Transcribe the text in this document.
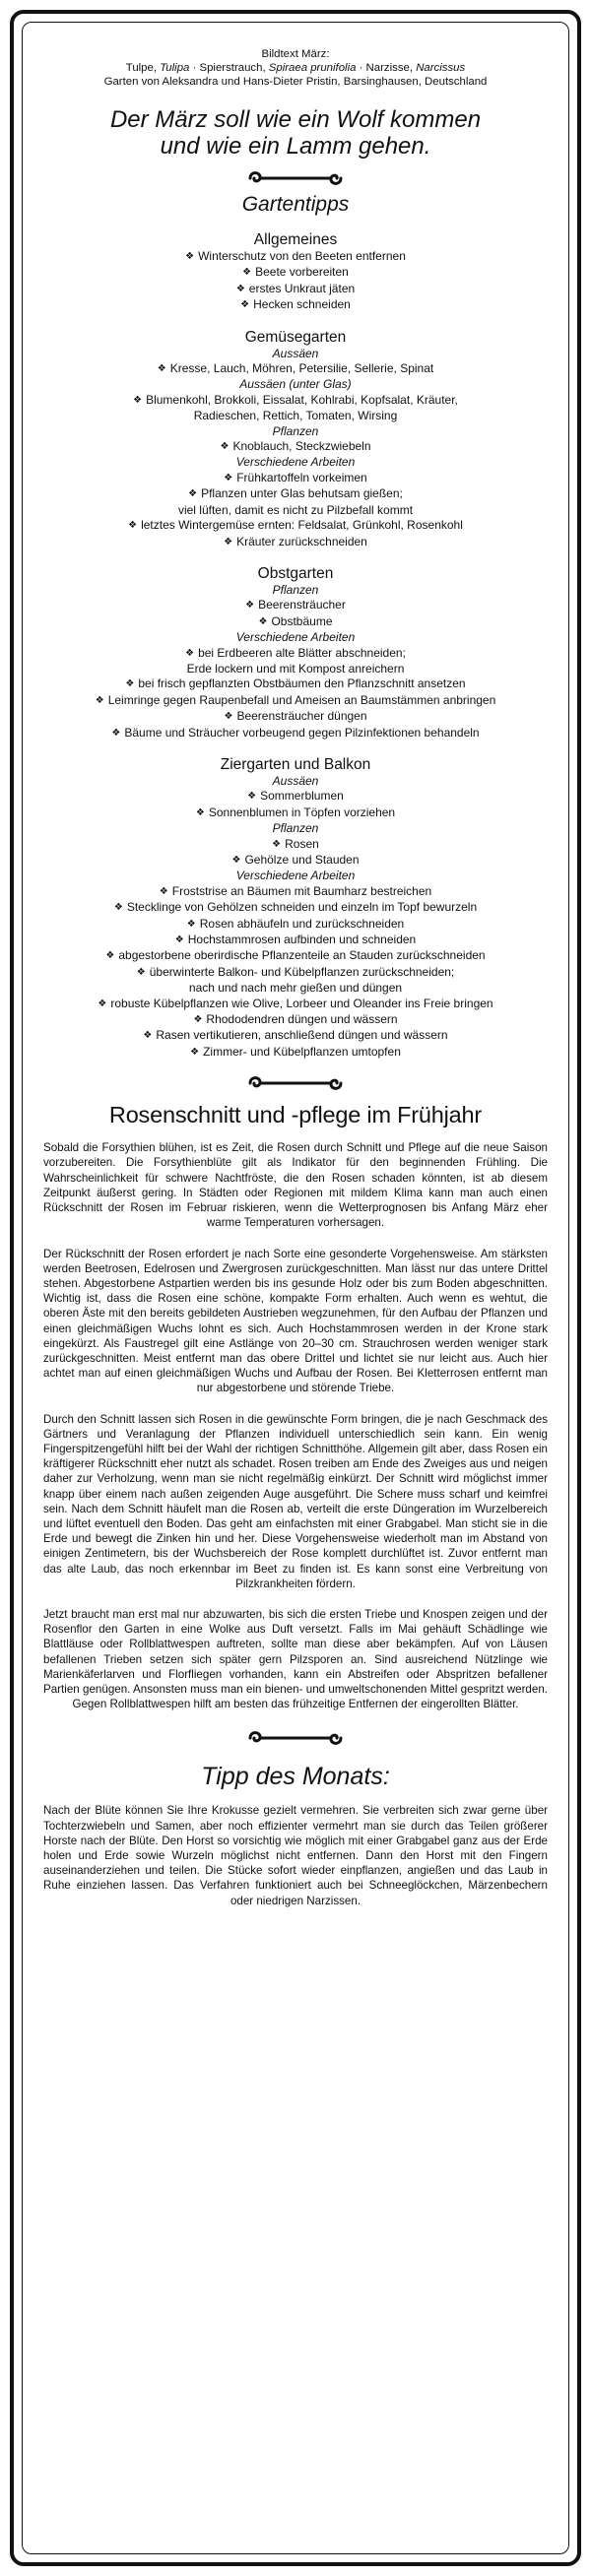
Bildtext März:
Tulpe, Tulipa · Spierstrauch, Spiraea prunifolia · Narzisse, Narcissus
Garten von Aleksandra und Hans-Dieter Pristin, Barsinghausen, Deutschland
Der März soll wie ein Wolf kommen
und wie ein Lamm gehen.
Gartentipps
Allgemeines
❖ Winterschutz von den Beeten entfernen
❖ Beete vorbereiten
❖ erstes Unkraut jäten
❖ Hecken schneiden
Gemüsegarten
Aussäen
❖ Kresse, Lauch, Möhren, Petersilie, Sellerie, Spinat
Aussäen (unter Glas)
❖ Blumenkohl, Brokkoli, Eissalat, Kohlrabi, Kopfsalat, Kräuter,
Radieschen, Rettich, Tomaten, Wirsing
Pflanzen
❖ Knoblauch, Steckzwiebeln
Verschiedene Arbeiten
❖ Frühkartoffeln vorkeimen
❖ Pflanzen unter Glas behutsam gießen;
viel lüften, damit es nicht zu Pilzbefall kommt
❖ letztes Wintergemüse ernten: Feldsalat, Grünkohl, Rosenkohl
❖ Kräuter zurückschneiden
Obstgarten
Pflanzen
❖ Beerensträucher
❖ Obstbäume
Verschiedene Arbeiten
❖ bei Erdbeeren alte Blätter abschneiden;
Erde lockern und mit Kompost anreichern
❖ bei frisch gepflanzten Obstbäumen den Pflanzschnitt ansetzen
❖ Leimringe gegen Raupenbefall und Ameisen an Baumstämmen anbringen
❖ Beerensträucher düngen
❖ Bäume und Sträucher vorbeugend gegen Pilzinfektionen behandeln
Ziergarten und Balkon
Aussäen
❖ Sommerblumen
❖ Sonnenblumen in Töpfen vorziehen
Pflanzen
❖ Rosen
❖ Gehölze und Stauden
Verschiedene Arbeiten
❖ Froststrise an Bäumen mit Baumharz bestreichen
❖ Stecklinge von Gehölzen schneiden und einzeln im Topf bewurzeln
❖ Rosen abhäufeln und zurückschneiden
❖ Hochstammrosen aufbinden und schneiden
❖ abgestorbene oberirdische Pflanzenteile an Stauden zurückschneiden
❖ überwinterte Balkon- und Kübelpflanzen zurückschneiden;
nach und nach mehr gießen und düngen
❖ robuste Kübelpflanzen wie Olive, Lorbeer und Oleander ins Freie bringen
❖ Rhododendren düngen und wässern
❖ Rasen vertikutieren, anschließend düngen und wässern
❖ Zimmer- und Kübelpflanzen umtopfen
Rosenschnitt und -pflege im Frühjahr

Sobald die Forsythien blühen, ist es Zeit, die Rosen durch Schnitt und Pflege auf die neue Saison vorzubereiten. Die Forsythienblüte gilt als Indikator für den beginnenden Frühling. Die Wahrscheinlichkeit für schwere Nachtfröste, die den Rosen schaden könnten, ist ab diesem Zeitpunkt äußerst gering. In Städten oder Regionen mit mildem Klima kann man auch einen Rückschnitt der Rosen im Februar riskieren, wenn die Wetterprognosen bis Anfang März eher warme Temperaturen vorhersagen.

Der Rückschnitt der Rosen erfordert je nach Sorte eine gesonderte Vorgehensweise. Am stärksten werden Beetrosen, Edelrosen und Zwergrosen zurückgeschnitten. Man lässt nur das untere Drittel stehen. Abgestorbene Astpartien werden bis ins gesunde Holz oder bis zum Boden abgeschnitten. Wichtig ist, dass die Rosen eine schöne, kompakte Form erhalten. Auch wenn es wehtut, die oberen Äste mit den bereits gebildeten Austrieben wegzunehmen, für den Aufbau der Pflanzen und einen gleichmäßigen Wuchs lohnt es sich. Auch Hochstammrosen werden in der Krone stark eingekürzt. Als Faustregel gilt eine Astlänge von 20–30 cm. Strauchrosen werden weniger stark zurückgeschnitten. Meist entfernt man das obere Drittel und lichtet sie nur leicht aus. Auch hier achtet man auf einen gleichmäßigen Wuchs und Aufbau der Rosen. Bei Kletterrosen entfernt man nur abgestorbene und störende Triebe.

Durch den Schnitt lassen sich Rosen in die gewünschte Form bringen, die je nach Geschmack des Gärtners und Veranlagung der Pflanzen individuell unterschiedlich sein kann. Ein wenig Fingerspitzengefühl hilft bei der Wahl der richtigen Schnitthöhe. Allgemein gilt aber, dass Rosen ein kräftigerer Rückschnitt eher nutzt als schadet. Rosen treiben am Ende des Zweiges aus und neigen daher zur Verholzung, wenn man sie nicht regelmäßig einkürzt. Der Schnitt wird möglichst immer knapp über einem nach außen zeigenden Auge ausgeführt. Die Schere muss scharf und keimfrei sein. Nach dem Schnitt häufelt man die Rosen ab, verteilt die erste Düngeration im Wurzelbereich und lüftet eventuell den Boden. Das geht am einfachsten mit einer Grabgabel. Man sticht sie in die Erde und bewegt die Zinken hin und her. Diese Vorgehensweise wiederholt man im Abstand von einigen Zentimetern, bis der Wuchsbereich der Rose komplett durchlüftet ist. Zuvor entfernt man das alte Laub, das noch erkennbar im Beet zu finden ist. Es kann sonst eine Verbreitung von Pilzkrankheiten fördern.

Jetzt braucht man erst mal nur abzuwarten, bis sich die ersten Triebe und Knospen zeigen und der Rosenflor den Garten in eine Wolke aus Duft versetzt. Falls im Mai gehäuft Schädlinge wie Blattläuse oder Rollblattwespen auftreten, sollte man diese aber bekämpfen. Auf von Läusen befallenen Trieben setzen sich später gern Pilzsporen an. Sind ausreichend Nützlinge wie Marienkäferlarven und Florfliegen vorhanden, kann ein Abstreifen oder Abspritzen befallener Partien genügen. Ansonsten muss man ein bienen- und umweltschonenden Mittel gespritzt werden. Gegen Rollblattwespen hilft am besten das frühzeitige Entfernen der eingerollten Blätter.

Tipp des Monats:

Nach der Blüte können Sie Ihre Krokusse gezielt vermehren. Sie verbreiten sich zwar gerne über Tochterzwiebeln und Samen, aber noch effizienter vermehrt man sie durch das Teilen größerer Horste nach der Blüte. Den Horst so vorsichtig wie möglich mit einer Grabgabel ganz aus der Erde holen und Erde sowie Wurzeln möglichst nicht entfernen. Dann den Horst mit den Fingern auseinanderziehen und teilen. Die Stücke sofort wieder einpflanzen, angießen und das Laub in Ruhe einziehen lassen. Das Verfahren funktioniert auch bei Schneeglöckchen, Märzenbechern oder niedrigen Narzissen.
